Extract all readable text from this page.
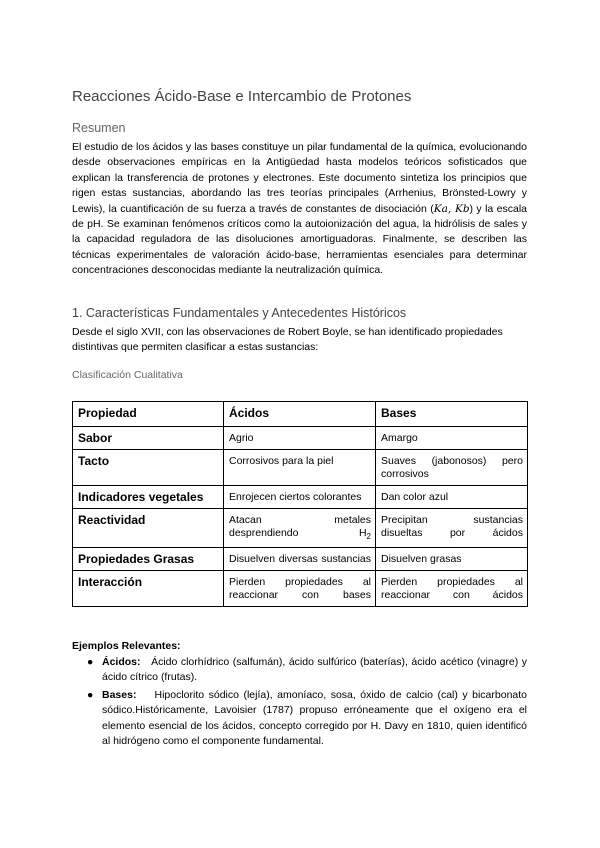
Reacciones Ácido-Base e Intercambio de Protones
Resumen
El estudio de los ácidos y las bases constituye un pilar fundamental de la química, evolucionando desde observaciones empíricas en la Antigüedad hasta modelos teóricos sofisticados que explican la transferencia de protones y electrones. Este documento sintetiza los principios que rigen estas sustancias, abordando las tres teorías principales (Arrhenius, Brönsted-Lowry y Lewis), la cuantificación de su fuerza a través de constantes de disociación (Ka, Kb) y la escala de pH. Se examinan fenómenos críticos como la autoionización del agua, la hidrólisis de sales y la capacidad reguladora de las disoluciones amortiguadoras. Finalmente, se describen las técnicas experimentales de valoración ácido-base, herramientas esenciales para determinar concentraciones desconocidas mediante la neutralización química.
1. Características Fundamentales y Antecedentes Históricos
Desde el siglo XVII, con las observaciones de Robert Boyle, se han identificado propiedades distintivas que permiten clasificar a estas sustancias:
Clasificación Cualitativa
Propiedad	Ácidos	Bases
Sabor	Agrio	Amargo
Tacto	Corrosivos para la piel	Suaves (jabonosos) pero corrosivos
Indicadores vegetales	Enrojecen ciertos colorantes	Dan color azul
Reactividad	Atacan metales desprendiendo $H_2$	Precipitan sustancias disueltas por ácidos
Propiedades Grasas	Disuelven diversas sustancias	Disuelven grasas
Interacción	Pierden propiedades al reaccionar con bases	Pierden propiedades al reaccionar con ácidos
Ejemplos Relevantes:
● Ácidos: Ácido clorhídrico (salfumán), ácido sulfúrico (baterías), ácido acético (vinagre) y ácido cítrico (frutas).
● Bases: Hipoclorito sódico (lejía), amoníaco, sosa, óxido de calcio (cal) y bicarbonato sódico.Históricamente, Lavoisier (1787) propuso erróneamente que el oxígeno era el elemento esencial de los ácidos, concepto corregido por H. Davy en 1810, quien identificó al hidrógeno como el componente fundamental.
